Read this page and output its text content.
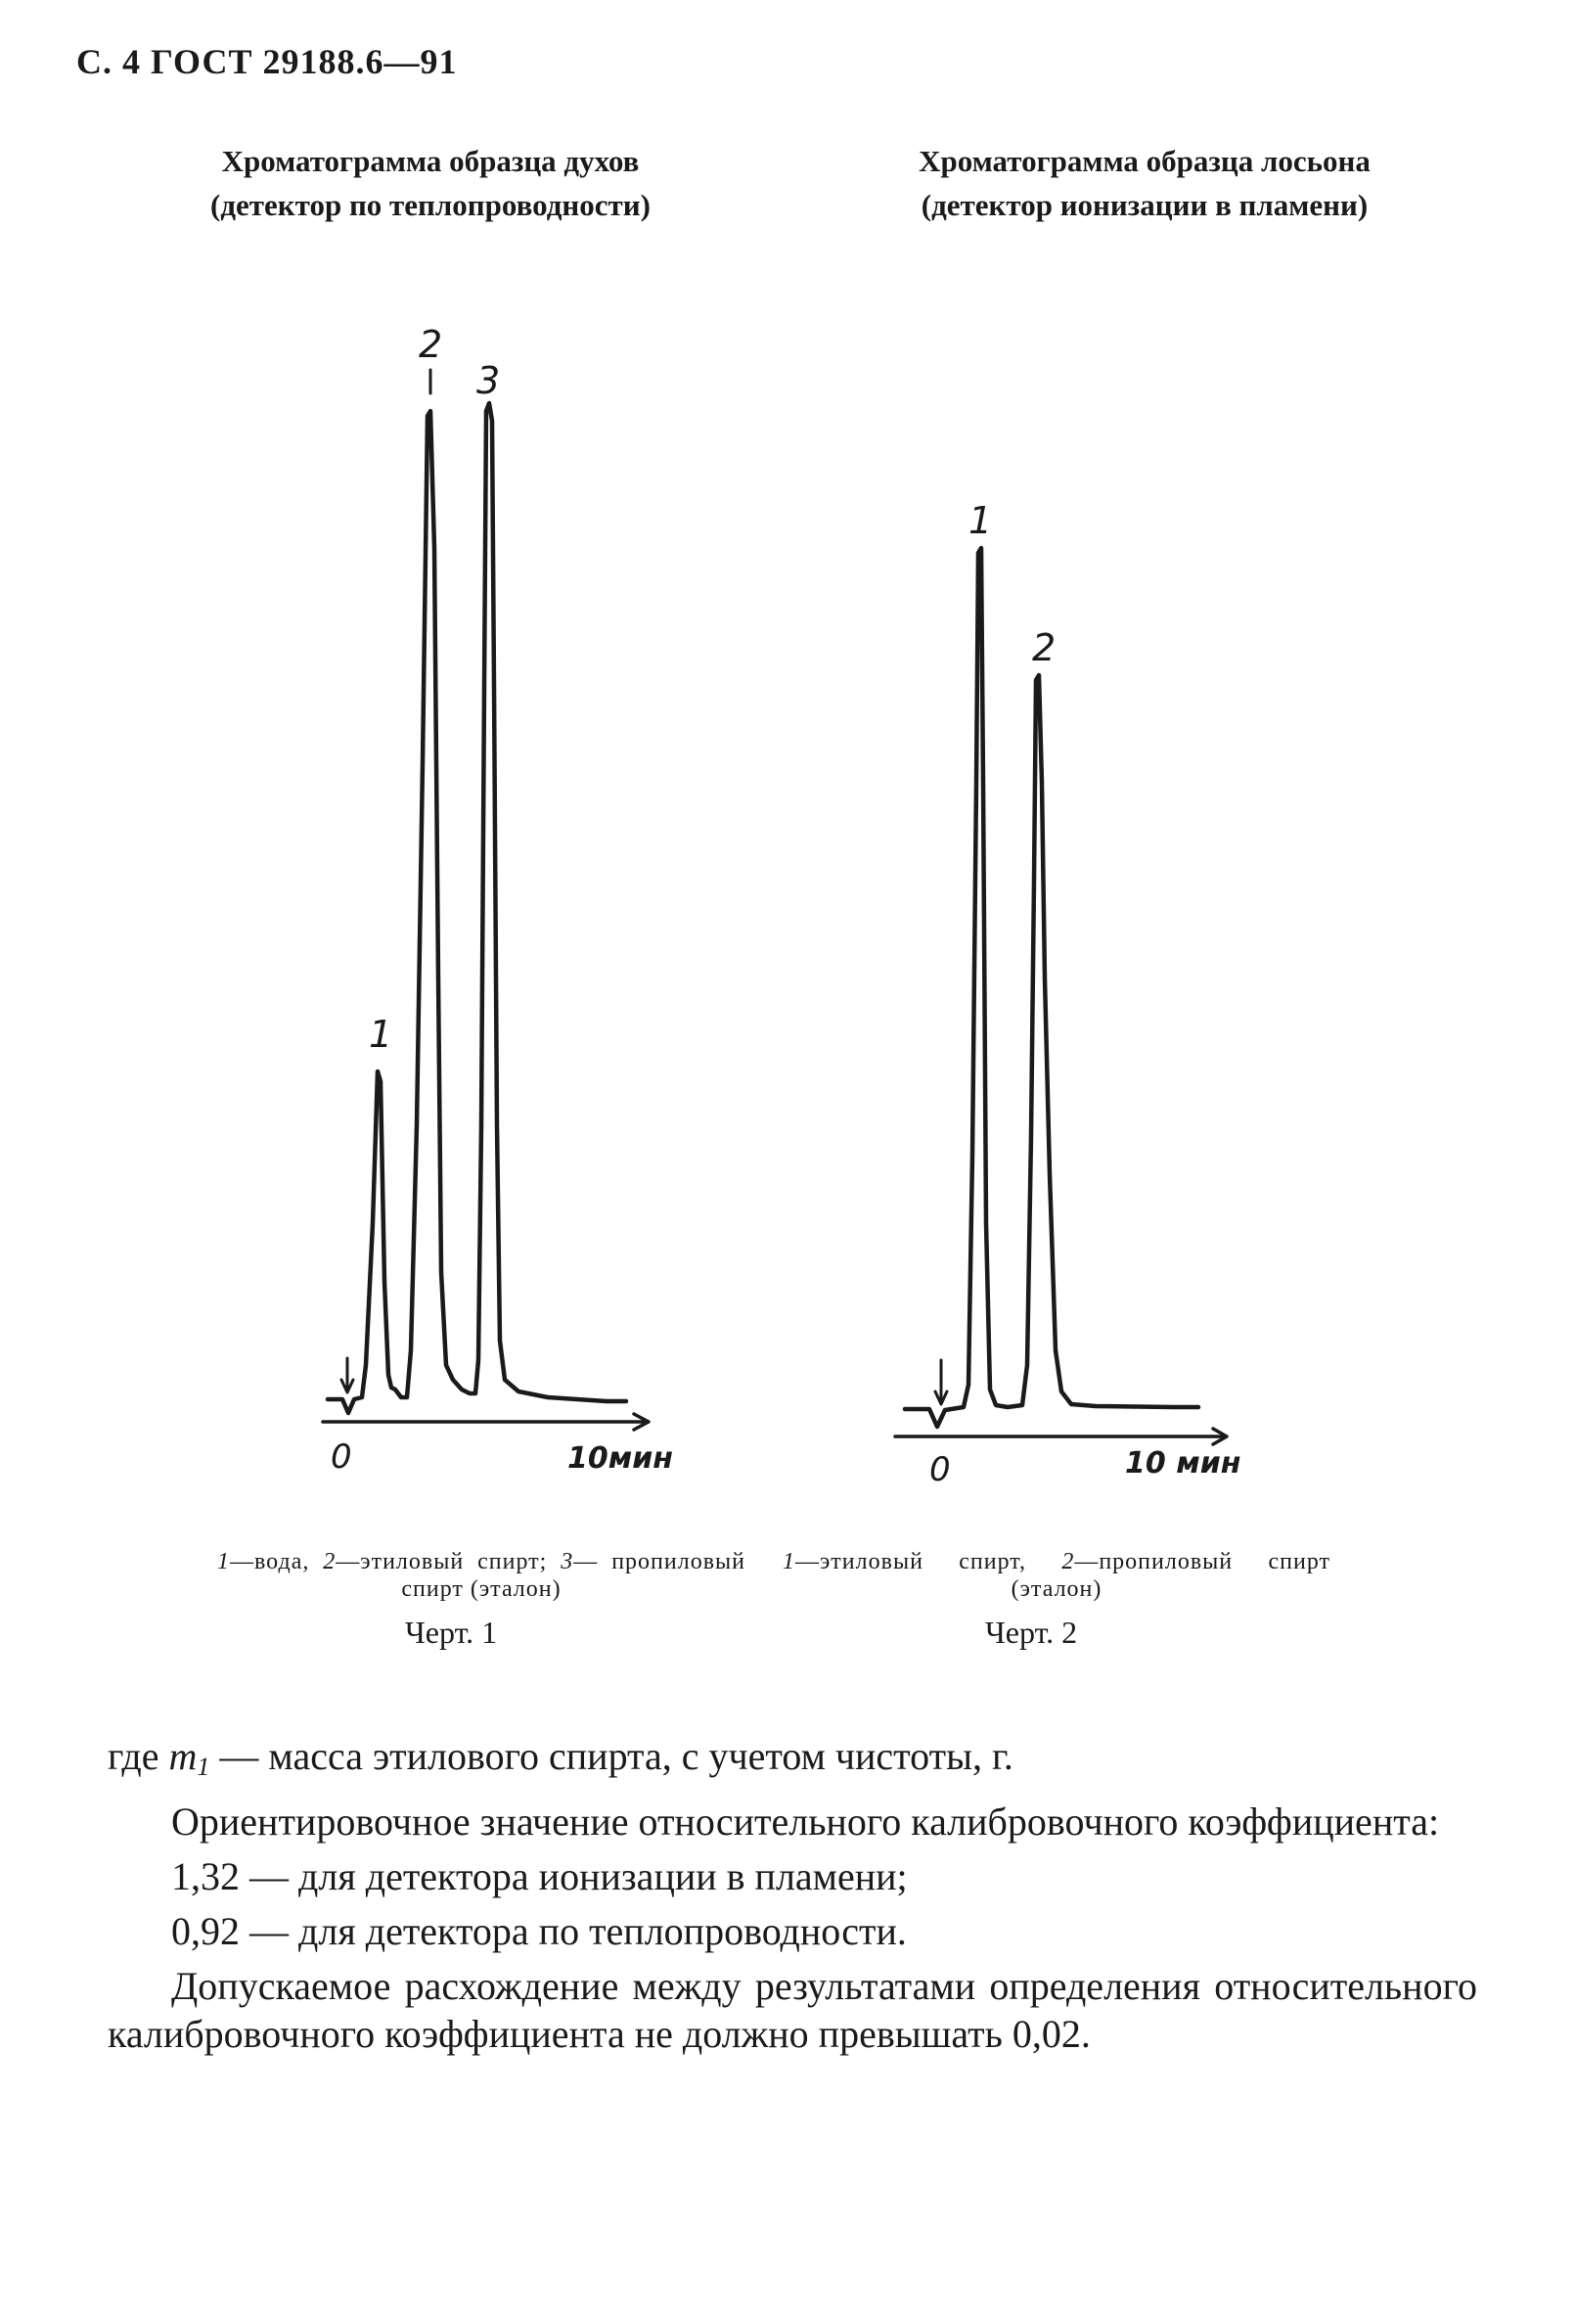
С. 4 ГОСТ 29188.6—91
Хроматограмма образца духов
(детектор по теплопроводности)
Хроматограмма образца лосьона
(детектор ионизации в пламени)
1
2
3
0	10мин
1
2
0	10 мин
1—вода, 2—этиловый спирт; 3— пропиловый спирт (эталон)
1—этиловый спирт, 2—пропиловый спирт (эталон)
Черт. 1	Черт. 2

где $m_1$ — масса этилового спирта, с учетом чистоты, г.

Ориентировочное значение относительного калибровочного коэффициента:

1,32 — для детектора ионизации в пламени;

0,92 — для детектора по теплопроводности.

Допускаемое расхождение между результатами определения относительного калибровочного коэффициента не должно превышать 0,02.
